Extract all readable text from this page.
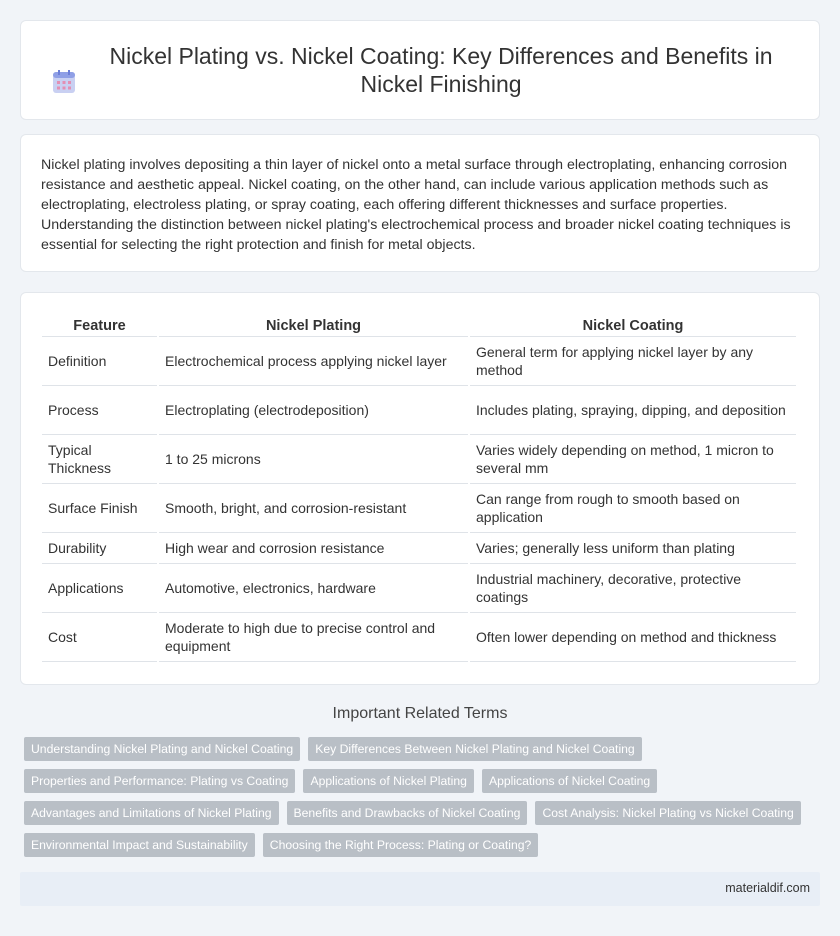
Nickel Plating vs. Nickel Coating: Key Differences and Benefits in Nickel Finishing

Nickel plating involves depositing a thin layer of nickel onto a metal surface through electroplating, enhancing corrosion resistance and aesthetic appeal. Nickel coating, on the other hand, can include various application methods such as electroplating, electroless plating, or spray coating, each offering different thicknesses and surface properties. Understanding the distinction between nickel plating's electrochemical process and broader nickel coating techniques is essential for selecting the right protection and finish for metal objects.

Feature	Nickel Plating	Nickel Coating
Definition	Electrochemical process applying nickel layer	General term for applying nickel layer by any method
Process	Electroplating (electrodeposition)	Includes plating, spraying, dipping, and deposition
Typical Thickness	1 to 25 microns	Varies widely depending on method, 1 micron to several mm
Surface Finish	Smooth, bright, and corrosion-resistant	Can range from rough to smooth based on application
Durability	High wear and corrosion resistance	Varies; generally less uniform than plating
Applications	Automotive, electronics, hardware	Industrial machinery, decorative, protective coatings
Cost	Moderate to high due to precise control and equipment	Often lower depending on method and thickness
Important Related Terms
Understanding Nickel Plating and Nickel Coating	Key Differences Between Nickel Plating and Nickel Coating
Properties and Performance: Plating vs Coating	Applications of Nickel Plating	Applications of Nickel Coating
Advantages and Limitations of Nickel Plating	Benefits and Drawbacks of Nickel Coating	Cost Analysis: Nickel Plating vs Nickel Coating
Environmental Impact and Sustainability	Choosing the Right Process: Plating or Coating?
materialdif.com
